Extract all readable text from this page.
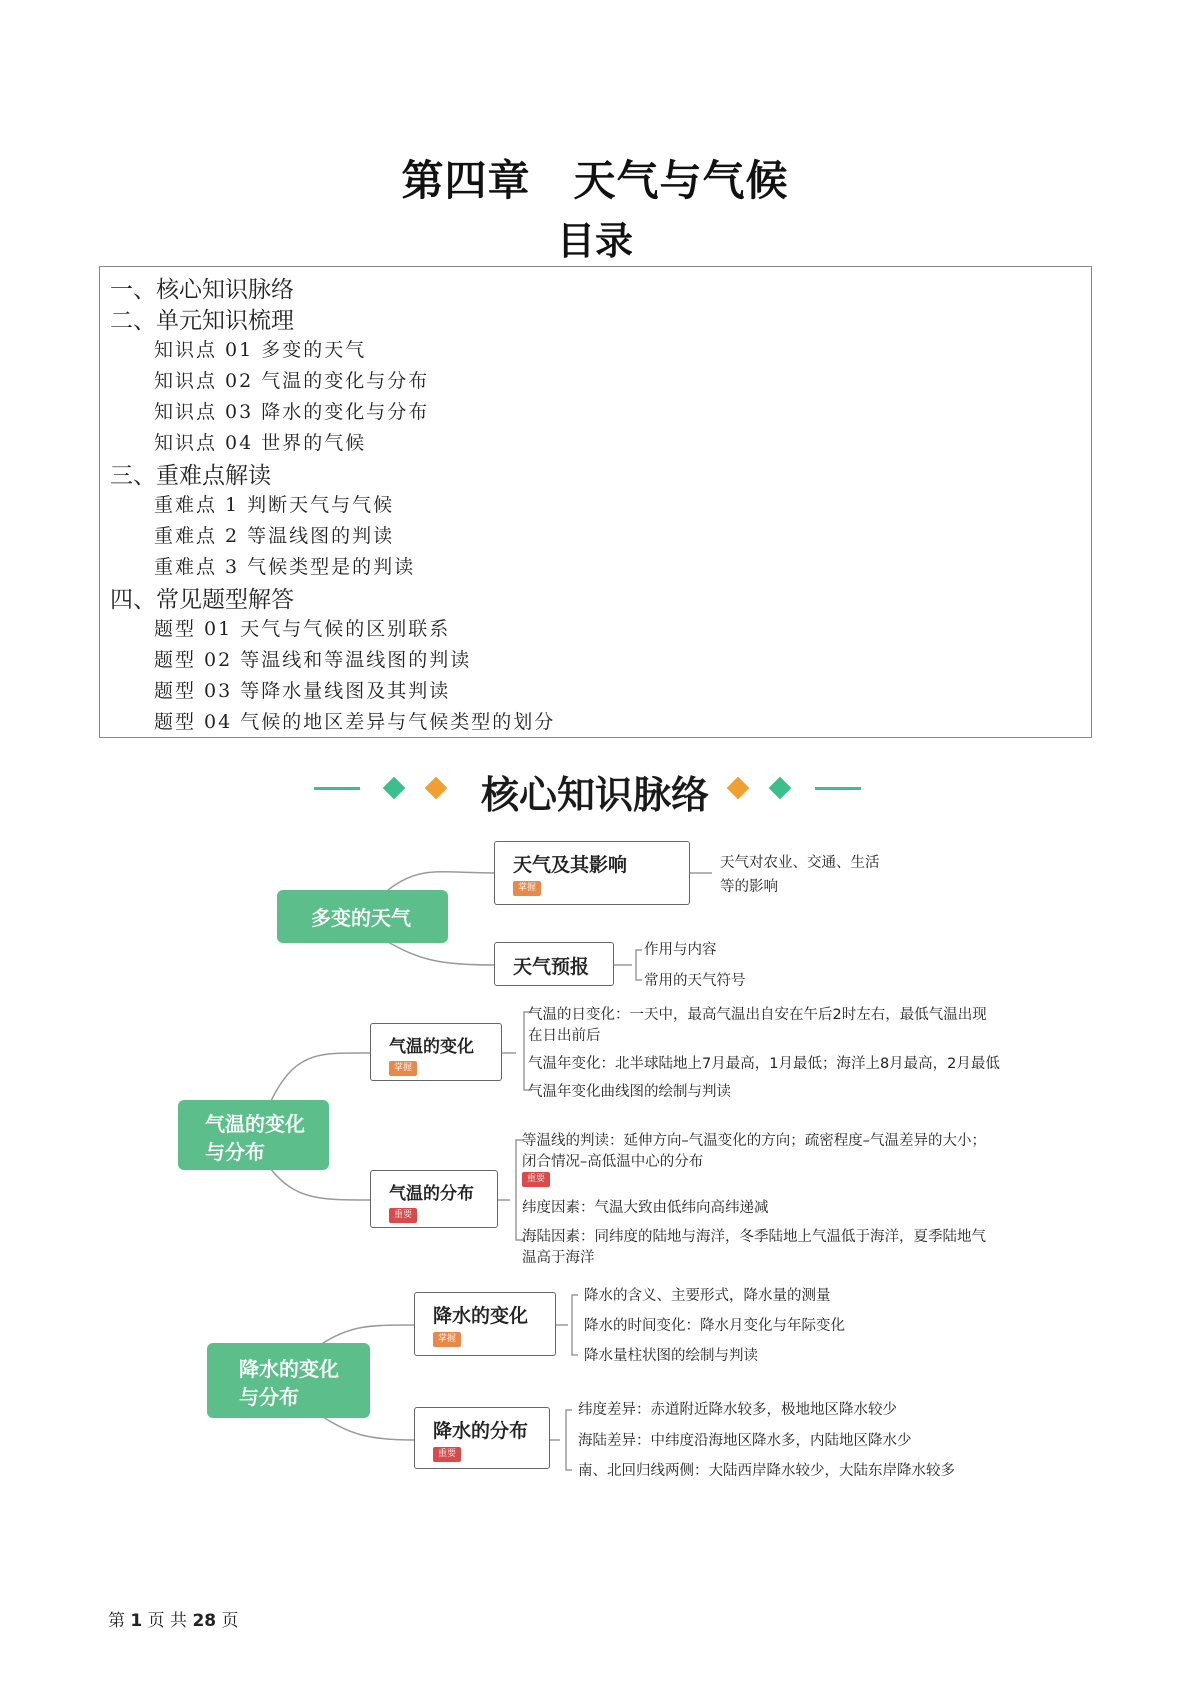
第四章　天气与气候
目录
一、核心知识脉络
二、单元知识梳理
知识点 01 多变的天气
知识点 02 气温的变化与分布
知识点 03 降水的变化与分布
知识点 04 世界的气候
三、重难点解读
重难点 1 判断天气与气候
重难点 2 等温线图的判读
重难点 3 气候类型是的判读
四、常见题型解答
题型 01 天气与气候的区别联系
题型 02 等温线和等温线图的判读
题型 03 等降水量线图及其判读
题型 04 气候的地区差异与气候类型的划分
核心知识脉络
多变的天气
天气及其影响
掌握
天气对农业、交通、生活
等的影响
天气预报
作用与内容
常用的天气符号
气温的变化
与分布
气温的变化
掌握
气温的日变化：一天中，最高气温出自安在午后2时左右，最低气温出现
在日出前后
气温年变化：北半球陆地上7月最高，1月最低；海洋上8月最高，2月最低
气温年变化曲线图的绘制与判读
气温的分布
重要
等温线的判读：延伸方向–气温变化的方向；疏密程度–气温差异的大小；
闭合情况–高低温中心的分布
重要
纬度因素：气温大致由低纬向高纬递减
海陆因素：同纬度的陆地与海洋，冬季陆地上气温低于海洋，夏季陆地气
温高于海洋
降水的变化
与分布
降水的变化
掌握
降水的含义、主要形式，降水量的测量
降水的时间变化：降水月变化与年际变化
降水量柱状图的绘制与判读
降水的分布
重要
纬度差异：赤道附近降水较多，极地地区降水较少
海陆差异：中纬度沿海地区降水多，内陆地区降水少
南、北回归线两侧：大陆西岸降水较少，大陆东岸降水较多
第 1 页 共 28 页
